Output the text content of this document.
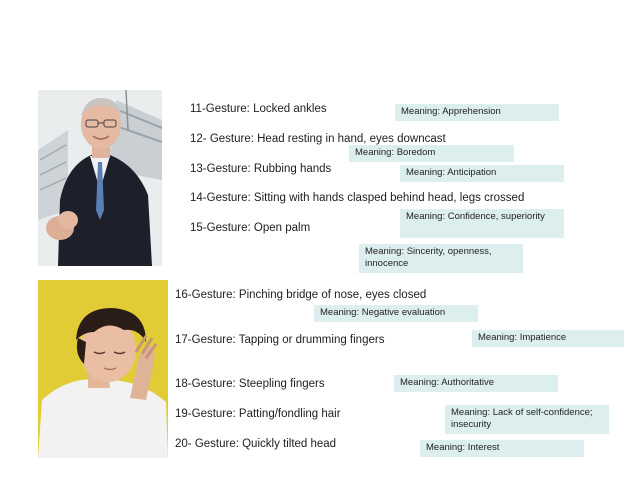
11-Gesture: Locked ankles	Meaning: Apprehension
12- Gesture: Head resting in hand, eyes downcast
Meaning: Boredom
13-Gesture: Rubbing hands	Meaning: Anticipation
14-Gesture: Sitting with hands clasped behind head, legs crossed
Meaning: Confidence, superiority
15-Gesture: Open palm
Meaning: Sincerity, openness, innocence
16-Gesture: Pinching bridge of nose, eyes closed
Meaning: Negative evaluation
17-Gesture: Tapping or drumming fingers	Meaning: Impatience
18-Gesture: Steepling fingers	Meaning: Authoritative
19-Gesture: Patting/fondling hair	Meaning: Lack of self-confidence; insecurity
20- Gesture: Quickly tilted head	Meaning: Interest
